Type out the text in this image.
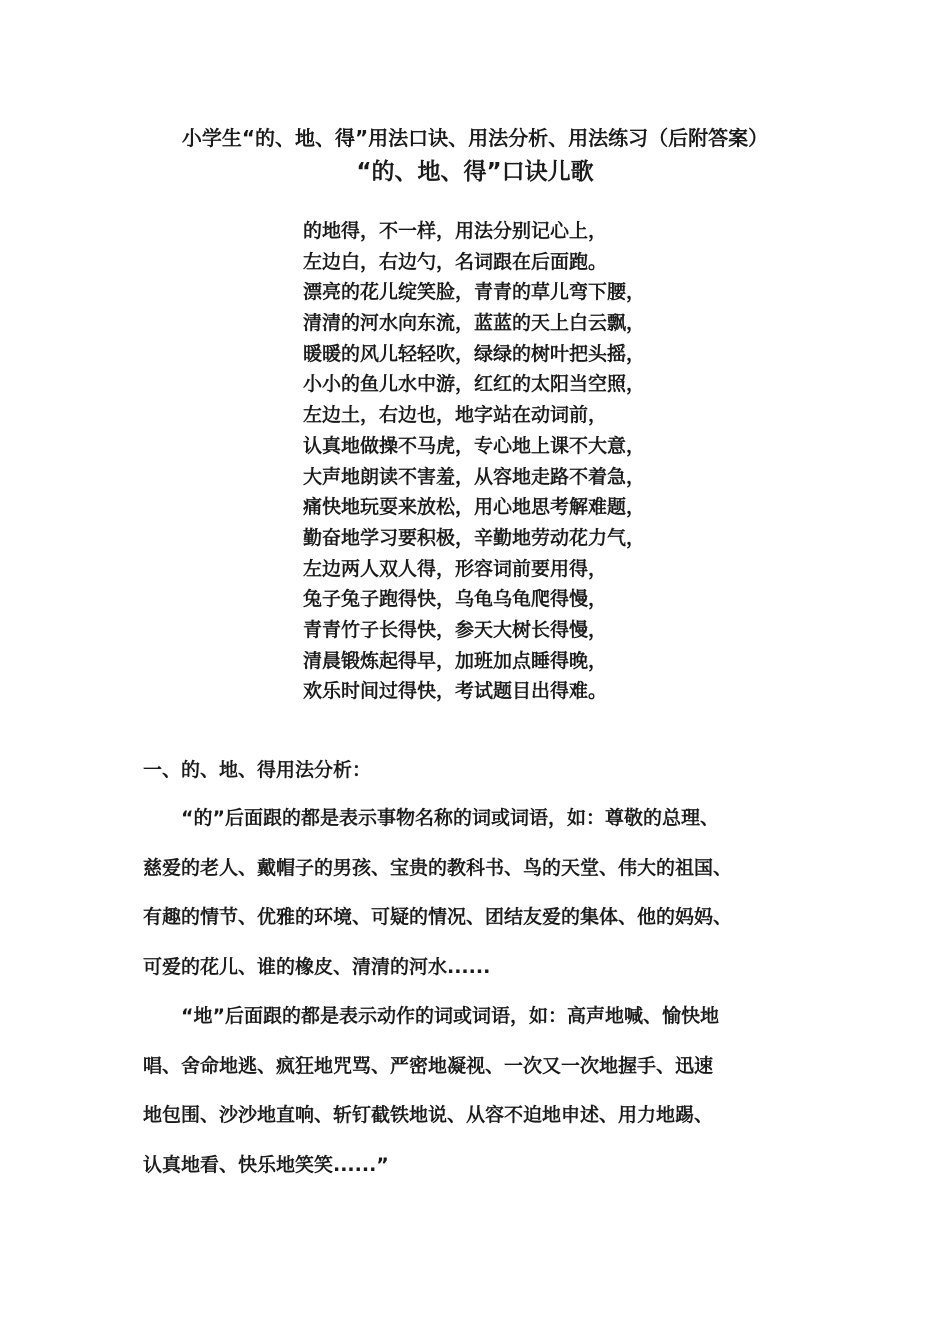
小学生“的、地、得”用法口诀、用法分析、用法练习（后附答案）
“的、地、得”口诀儿歌
的地得，不一样，用法分别记心上，
左边白，右边勺，名词跟在后面跑。
漂亮的花儿绽笑脸，青青的草儿弯下腰，
清清的河水向东流，蓝蓝的天上白云飘，
暖暖的风儿轻轻吹，绿绿的树叶把头摇，
小小的鱼儿水中游，红红的太阳当空照，
左边土，右边也，地字站在动词前，
认真地做操不马虎，专心地上课不大意，
大声地朗读不害羞，从容地走路不着急，
痛快地玩耍来放松，用心地思考解难题，
勤奋地学习要积极，辛勤地劳动花力气，
左边两人双人得，形容词前要用得，
兔子兔子跑得快，乌龟乌龟爬得慢，
青青竹子长得快，参天大树长得慢，
清晨锻炼起得早，加班加点睡得晚，
欢乐时间过得快，考试题目出得难。
一、的、地、得用法分析：

“的”后面跟的都是表示事物名称的词或词语，如：尊敬的总理、
慈爱的老人、戴帽子的男孩、宝贵的教科书、鸟的天堂、伟大的祖国、
有趣的情节、优雅的环境、可疑的情况、团结友爱的集体、他的妈妈、
可爱的花儿、谁的橡皮、清清的河水......

“地”后面跟的都是表示动作的词或词语，如：高声地喊、愉快地
唱、舍命地逃、疯狂地咒骂、严密地凝视、一次又一次地握手、迅速
地包围、沙沙地直响、斩钉截铁地说、从容不迫地申述、用力地踢、
认真地看、快乐地笑笑......”
